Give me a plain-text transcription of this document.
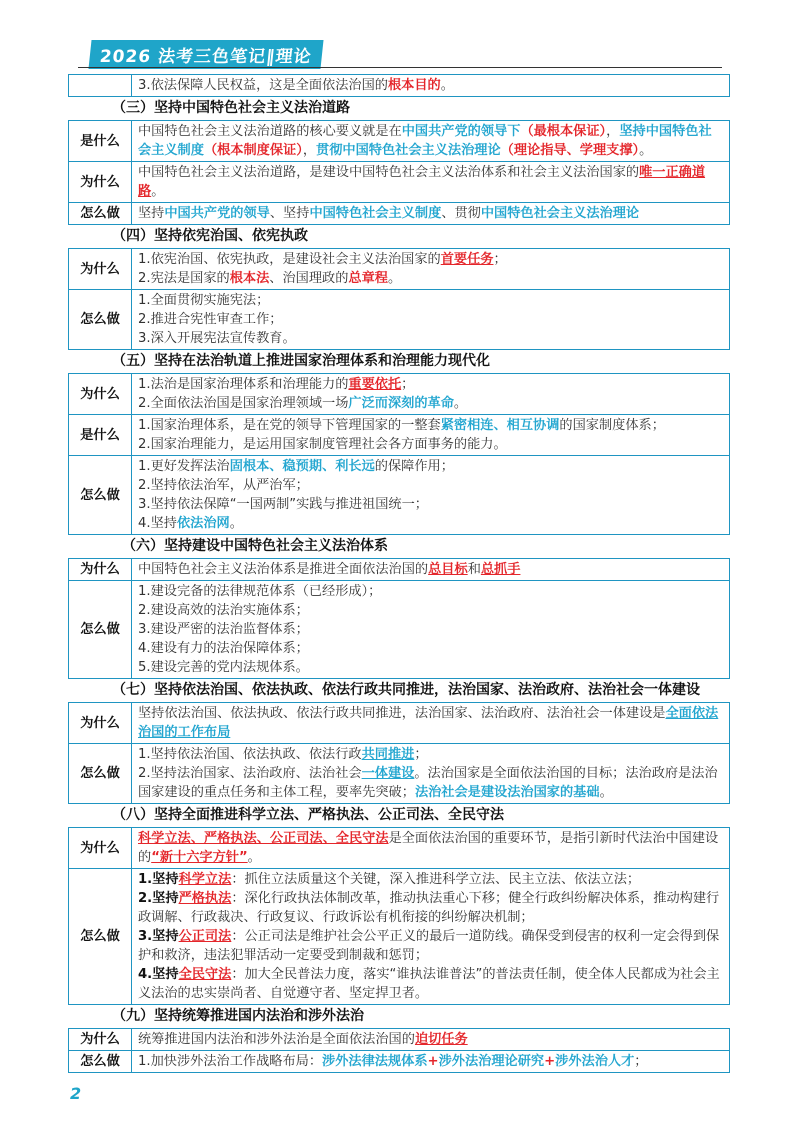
2026 法考三色笔记‖理论
	3.依法保障人民权益，这是全面依法治国的根本目的。
（三）坚持中国特色社会主义法治道路
是什么	中国特色社会主义法治道路的核心要义就是在中国共产党的领导下（最根本保证），坚持中国特色社会主义制度（根本制度保证），贯彻中国特色社会主义法治理论（理论指导、学理支撑）。
为什么	中国特色社会主义法治道路，是建设中国特色社会主义法治体系和社会主义法治国家的唯一正确道路。
怎么做	坚持中国共产党的领导、坚持中国特色社会主义制度、贯彻中国特色社会主义法治理论
（四）坚持依宪治国、依宪执政
为什么	1.依宪治国、依宪执政，是建设社会主义法治国家的首要任务；
2.宪法是国家的根本法、治国理政的总章程。

怎么做	1.全面贯彻实施宪法；
2.推进合宪性审查工作；
3.深入开展宪法宣传教育。
（五）坚持在法治轨道上推进国家治理体系和治理能力现代化
为什么	1.法治是国家治理体系和治理能力的重要依托；
2.全面依法治国是国家治理领域一场广泛而深刻的革命。

是什么	1.国家治理体系，是在党的领导下管理国家的一整套紧密相连、相互协调的国家制度体系；
2.国家治理能力，是运用国家制度管理社会各方面事务的能力。

怎么做	1.更好发挥法治固根本、稳预期、利长远的保障作用；
2.坚持依法治军，从严治军；
3.坚持依法保障“一国两制”实践与推进祖国统一；
4.坚持依法治网。
（六）坚持建设中国特色社会主义法治体系
为什么	中国特色社会主义法治体系是推进全面依法治国的总目标和总抓手
怎么做	1.建设完备的法律规范体系（已经形成）；
2.建设高效的法治实施体系；
3.建设严密的法治监督体系；
4.建设有力的法治保障体系；
5.建设完善的党内法规体系。
（七）坚持依法治国、依法执政、依法行政共同推进，法治国家、法治政府、法治社会一体建设
为什么	坚持依法治国、依法执政、依法行政共同推进，法治国家、法治政府、法治社会一体建设是全面依法治国的工作布局
怎么做	1.坚持依法治国、依法执政、依法行政共同推进；
2.坚持法治国家、法治政府、法治社会一体建设。法治国家是全面依法治国的目标；法治政府是法治国家建设的重点任务和主体工程，要率先突破；法治社会是建设法治国家的基础。
（八）坚持全面推进科学立法、严格执法、公正司法、全民守法
为什么	科学立法、严格执法、公正司法、全民守法是全面依法治国的重要环节，是指引新时代法治中国建设的“新十六字方针”。
怎么做	1.坚持科学立法：抓住立法质量这个关键，深入推进科学立法、民主立法、依法立法；
2.坚持严格执法：深化行政执法体制改革，推动执法重心下移；健全行政纠纷解决体系，推动构建行政调解、行政裁决、行政复议、行政诉讼有机衔接的纠纷解决机制；
3.坚持公正司法：公正司法是维护社会公平正义的最后一道防线。确保受到侵害的权利一定会得到保护和救济，违法犯罪活动一定要受到制裁和惩罚；
4.坚持全民守法：加大全民普法力度，落实“谁执法谁普法”的普法责任制，使全体人民都成为社会主义法治的忠实崇尚者、自觉遵守者、坚定捍卫者。
（九）坚持统筹推进国内法治和涉外法治
为什么	统筹推进国内法治和涉外法治是全面依法治国的迫切任务
怎么做	1.加快涉外法治工作战略布局：涉外法律法规体系+涉外法治理论研究+涉外法治人才；
2
